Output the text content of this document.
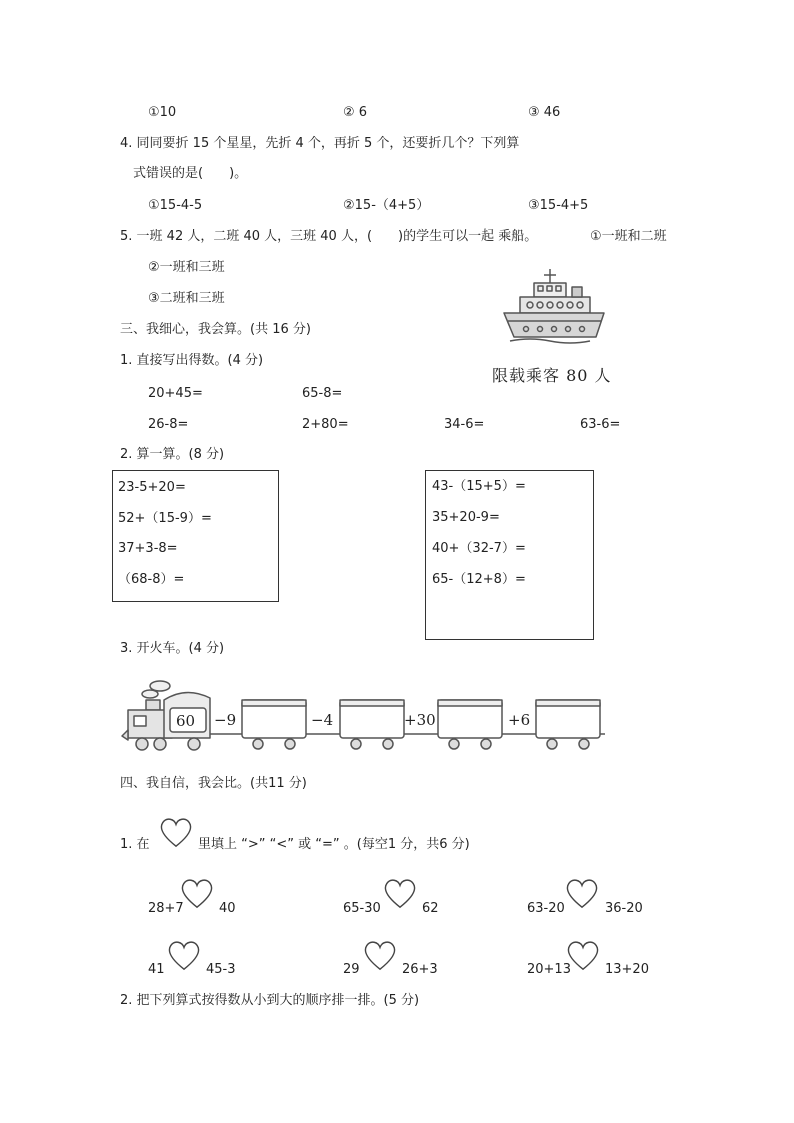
①10	② 6	③ 46
4. 同同要折 15 个星星，先折 4 个，再折 5 个，还要折几个？下列算
式错误的是(　　)。
①15-4-5	②15-（4+5）	③15-4+5
5. 一班 42 人，二班 40 人，三班 40 人，(　　)的学生可以一起 乘船。	①一班和二班
②一班和三班
③二班和三班
限载乘客 80 人
三、我细心，我会算。(共 16 分)
1. 直接写出得数。(4 分)
20+45=	65-8=
26-8=	2+80=	34-6=	63-6=
2. 算一算。(8 分)
23-5+20=
52+（15-9）=
37+3-8=
（68-8）=
43-（15+5）=
35+20-9=
40+（32-7）=
65-（12+8）=
3. 开火车。(4 分)
60 −9	−4	+30	+6
四、我自信，我会比。(共11 分)
1. 在	里填上 “>” “<” 或 “=” 。(每空1 分，共6 分)
28+7	40	65-30	62	63-20	36-20
41	45-3	29	26+3	20+13	13+20
2. 把下列算式按得数从小到大的顺序排一排。(5 分)
